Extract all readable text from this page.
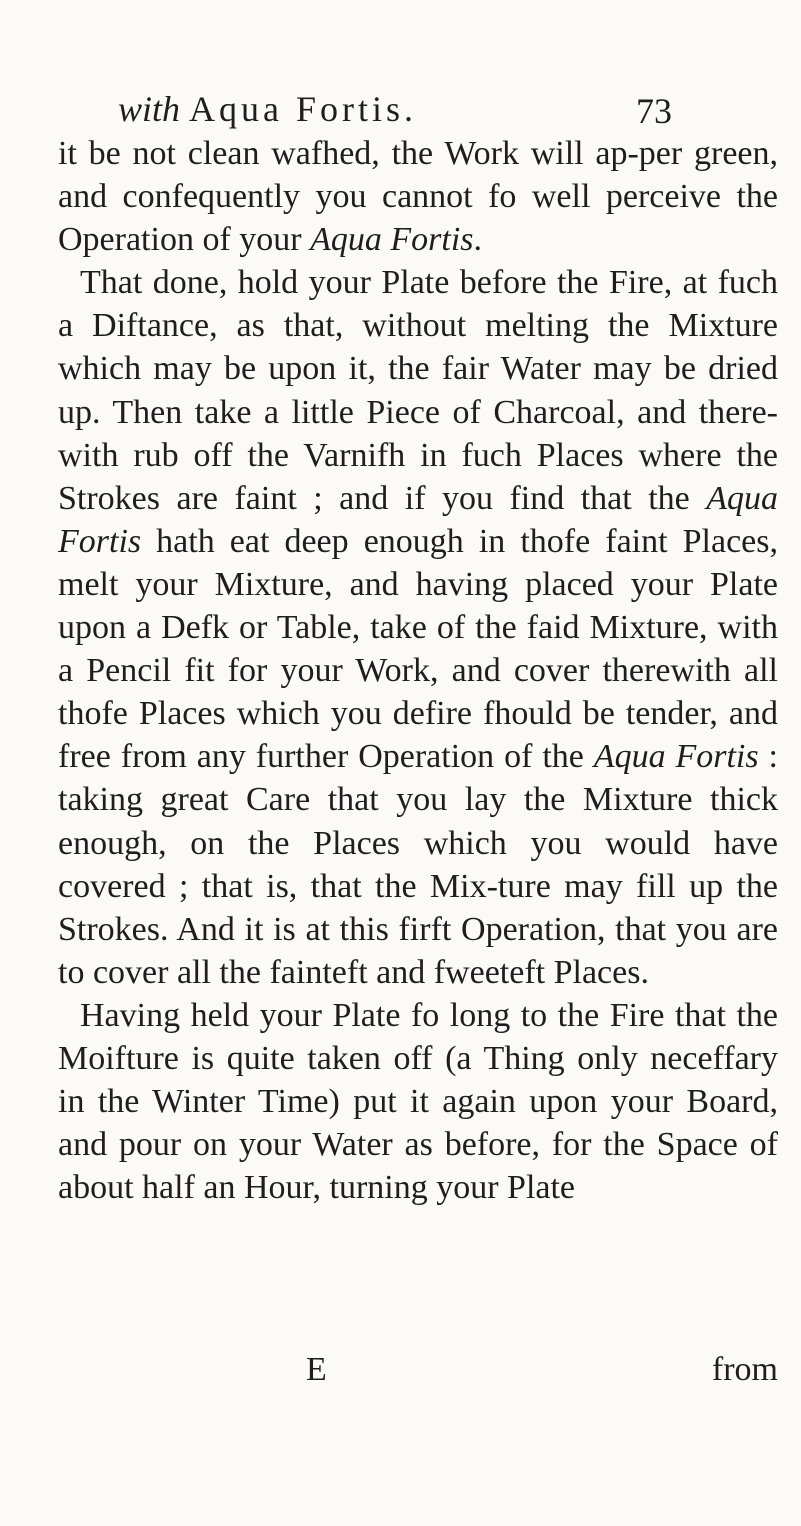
with Aqua Fortis.	73

it be not clean wafhed, the Work will ap-per green, and confequently you cannot fo well perceive the Operation of your Aqua Fortis.

That done, hold your Plate before the Fire, at fuch a Diftance, as that, without melting the Mixture which may be upon it, the fair Water may be dried up. Then take a little Piece of Charcoal, and there-with rub off the Varnifh in fuch Places where the Strokes are faint ; and if you find that the Aqua Fortis hath eat deep enough in thofe faint Places, melt your Mixture, and having placed your Plate upon a Defk or Table, take of the faid Mixture, with a Pencil fit for your Work, and cover therewith all thofe Places which you defire fhould be tender, and free from any further Operation of the Aqua Fortis : taking great Care that you lay the Mixture thick enough, on the Places which you would have covered ; that is, that the Mix-ture may fill up the Strokes. And it is at this firft Operation, that you are to cover all the fainteft and fweeteft Places.

Having held your Plate fo long to the Fire that the Moifture is quite taken off (a Thing only neceffary in the Winter Time) put it again upon your Board, and pour on your Water as before, for the Space of about half an Hour, turning your Plate

E	from
